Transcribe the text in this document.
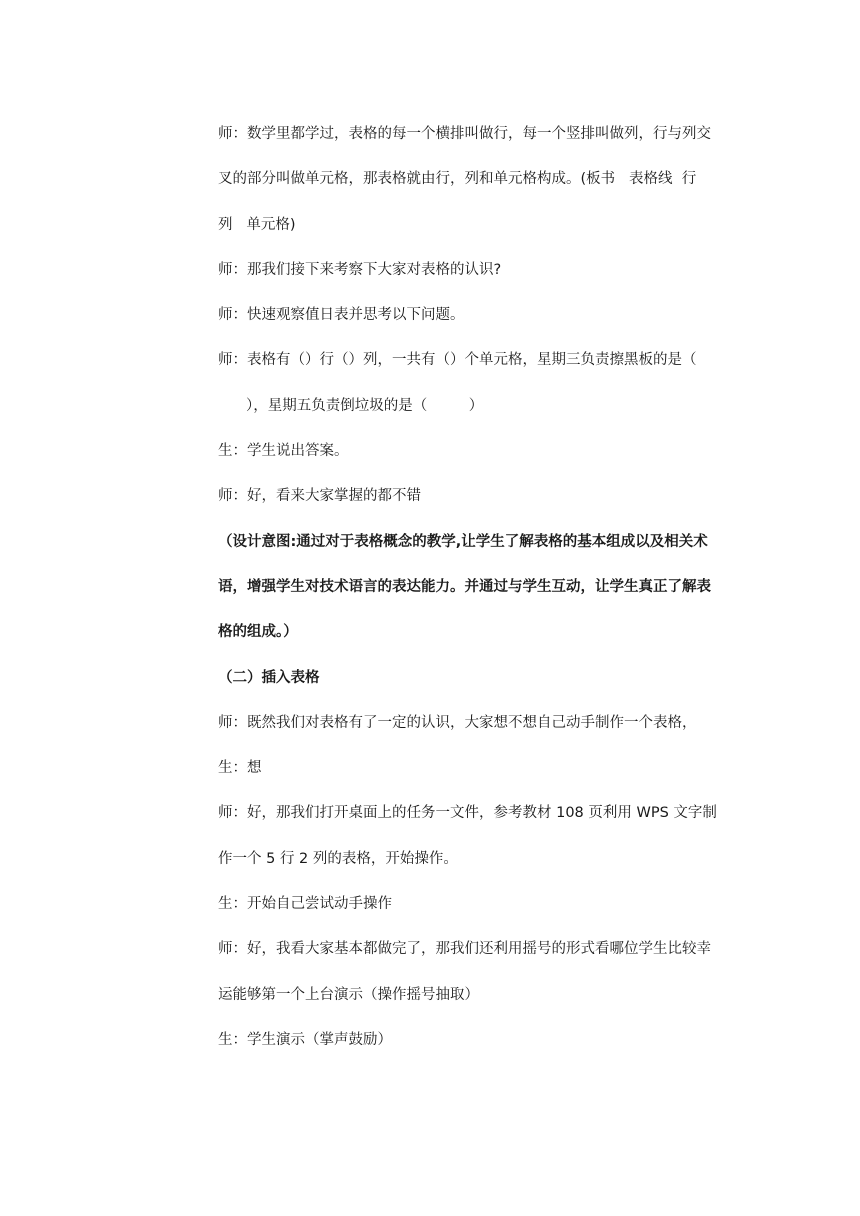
师：数学里都学过，表格的每一个横排叫做行，每一个竖排叫做列，行与列交

叉的部分叫做单元格，那表格就由行，列和单元格构成。(板书   表格线  行

列   单元格)

师：那我们接下来考察下大家对表格的认识?

师：快速观察值日表并思考以下问题。

师：表格有（）行（）列，一共有（）个单元格，星期三负责擦黑板的是（

），星期五负责倒垃圾的是（         ）

生：学生说出答案。

师：好，看来大家掌握的都不错

（设计意图:通过对于表格概念的教学,让学生了解表格的基本组成以及相关术

语，增强学生对技术语言的表达能力。并通过与学生互动，让学生真正了解表

格的组成。）

（二）插入表格

师：既然我们对表格有了一定的认识，大家想不想自己动手制作一个表格，

生：想

师：好，那我们打开桌面上的任务一文件，参考教材 108 页利用 WPS 文字制

作一个 5 行 2 列的表格，开始操作。

生：开始自己尝试动手操作

师：好，我看大家基本都做完了，那我们还利用摇号的形式看哪位学生比较幸

运能够第一个上台演示（操作摇号抽取）

生：学生演示（掌声鼓励）
